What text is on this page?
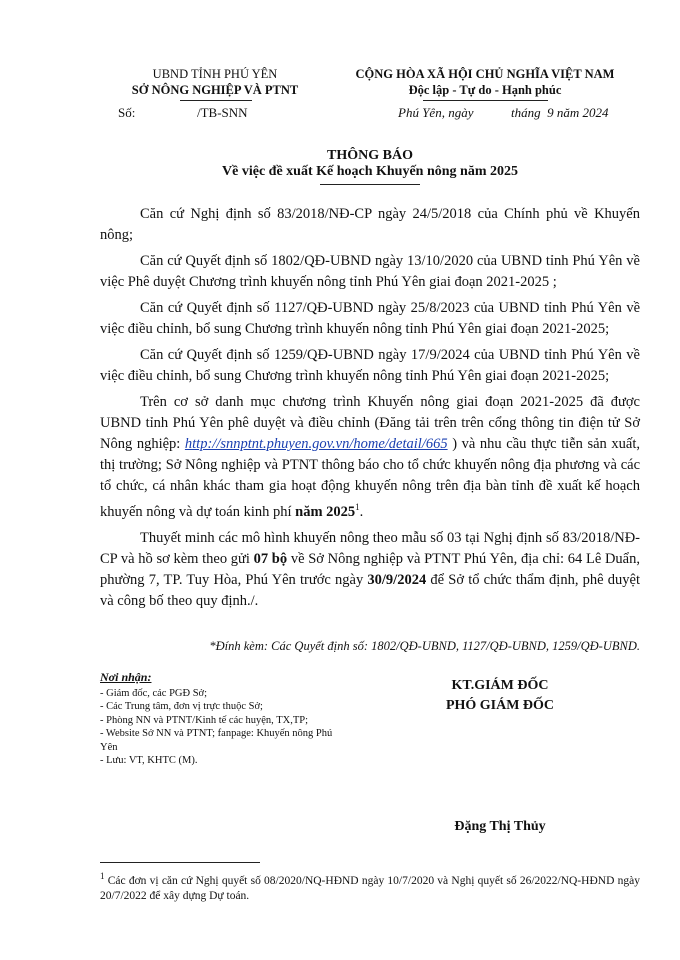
UBND TỈNH PHÚ YÊN
SỞ NÔNG NGHIỆP VÀ PTNT
Số:	/TB-SNN
CỘNG HÒA XÃ HỘI CHỦ NGHĨA VIỆT NAM
Độc lập - Tự do - Hạnh phúc
Phú Yên, ngày	tháng  9 năm 2024
THÔNG BÁO
Về việc đề xuất Kế hoạch Khuyến nông năm 2025

Căn cứ Nghị định số 83/2018/NĐ-CP ngày 24/5/2018 của Chính phủ về Khuyến nông;

Căn cứ Quyết định số 1802/QĐ-UBND ngày 13/10/2020 của UBND tỉnh Phú Yên về việc Phê duyệt Chương trình khuyến nông tỉnh Phú Yên giai đoạn 2021-2025 ;

Căn cứ Quyết định số 1127/QĐ-UBND ngày 25/8/2023 của UBND tỉnh Phú Yên về việc điều chỉnh, bổ sung Chương trình khuyến nông tỉnh Phú Yên giai đoạn 2021-2025;

Căn cứ Quyết định số 1259/QĐ-UBND ngày 17/9/2024 của UBND tỉnh Phú Yên về việc điều chỉnh, bổ sung Chương trình khuyến nông tỉnh Phú Yên giai đoạn 2021-2025;

Trên cơ sở danh mục chương trình Khuyến nông giai đoạn 2021-2025 đã được UBND tỉnh Phú Yên phê duyệt và điều chỉnh (Đăng tải trên trên cổng thông tin điện tử Sở Nông nghiệp: http://snnptnt.phuyen.gov.vn/home/detail/665 ) và nhu cầu thực tiễn sản xuất, thị trường; Sở Nông nghiệp và PTNT thông báo cho tổ chức khuyến nông địa phương và các tổ chức, cá nhân khác tham gia hoạt động khuyến nông trên địa bàn tỉnh đề xuất kế hoạch khuyến nông và dự toán kinh phí năm 2025$^1$.

Thuyết minh các mô hình khuyến nông theo mẫu số 03 tại Nghị định số 83/2018/NĐ-CP và hồ sơ kèm theo gửi 07 bộ về Sở Nông nghiệp và PTNT Phú Yên, địa chỉ: 64 Lê Duẩn, phường 7, TP. Tuy Hòa, Phú Yên trước ngày 30/9/2024 để Sở tổ chức thẩm định, phê duyệt và công bố theo quy định./.

*Đính kèm: Các Quyết định số: 1802/QĐ-UBND, 1127/QĐ-UBND, 1259/QĐ-UBND.
Nơi nhận:
- Giám đốc, các PGĐ Sở;
- Các Trung tâm, đơn vị trực thuộc Sở;
- Phòng NN và PTNT/Kinh tế các huyện, TX,TP;
- Website Sở NN và PTNT; fanpage: Khuyến nông Phú Yên
- Lưu: VT, KHTC (M).
KT.GIÁM ĐỐC
PHÓ GIÁM ĐỐC
Đặng Thị Thủy
$^1$ Các đơn vị căn cứ Nghị quyết số 08/2020/NQ-HĐND ngày 10/7/2020 và Nghị quyết số 26/2022/NQ-HĐND ngày 20/7/2022 để xây dựng Dự toán.
